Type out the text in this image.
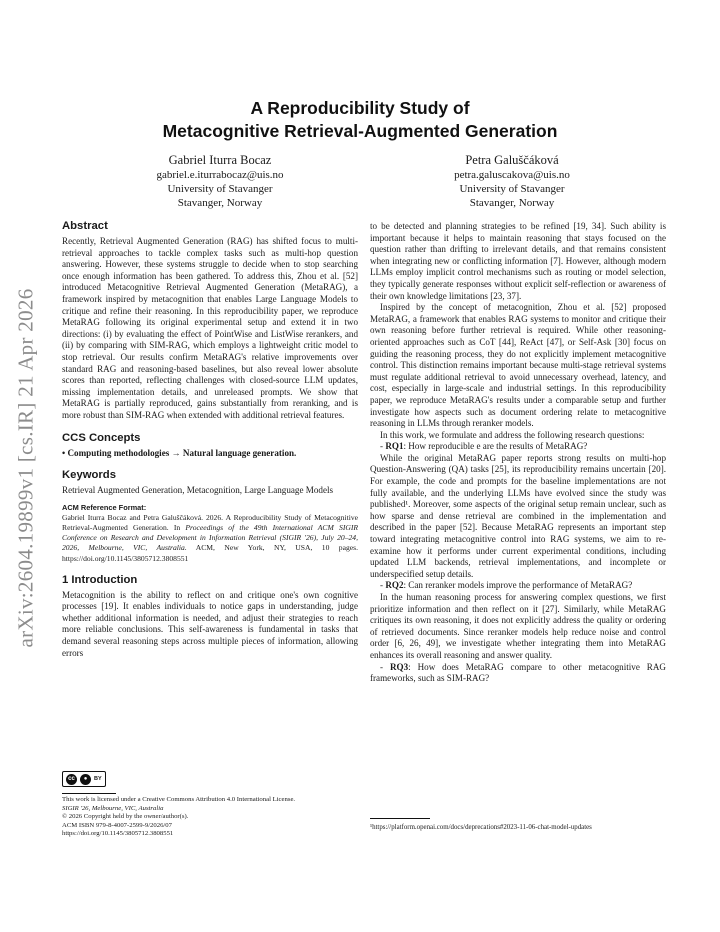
arXiv:2604.19899v1 [cs.IR] 21 Apr 2026
A Reproducibility Study of
Metacognitive Retrieval-Augmented Generation
Gabriel Iturra Bocaz
gabriel.e.iturrabocaz@uis.no
University of Stavanger
Stavanger, Norway
Petra Galuščáková
petra.galuscakova@uis.no
University of Stavanger
Stavanger, Norway
Abstract

Recently, Retrieval Augmented Generation (RAG) has shifted focus to multi-retrieval approaches to tackle complex tasks such as multi-hop question answering. However, these systems struggle to decide when to stop searching once enough information has been gathered. To address this, Zhou et al. [52] introduced Metacognitive Retrieval Augmented Generation (MetaRAG), a framework inspired by metacognition that enables Large Language Models to critique and refine their reasoning. In this reproducibility paper, we reproduce MetaRAG following its original experimental setup and extend it in two directions: (i) by evaluating the effect of PointWise and ListWise rerankers, and (ii) by comparing with SIM-RAG, which employs a lightweight critic model to stop retrieval. Our results confirm MetaRAG's relative improvements over standard RAG and reasoning-based baselines, but also reveal lower absolute scores than reported, reflecting challenges with closed-source LLM updates, missing implementation details, and unreleased prompts. We show that MetaRAG is partially reproduced, gains substantially from reranking, and is more robust than SIM-RAG when extended with additional retrieval features.

CCS Concepts

• Computing methodologies → Natural language generation.

Keywords

Retrieval Augmented Generation, Metacognition, Large Language Models

ACM Reference Format:
Gabriel Iturra Bocaz and Petra Galuščáková. 2026. A Reproducibility Study of Metacognitive Retrieval-Augmented Generation. In Proceedings of the 49th International ACM SIGIR Conference on Research and Development in Information Retrieval (SIGIR '26), July 20–24, 2026, Melbourne, VIC, Australia. ACM, New York, NY, USA, 10 pages. https://doi.org/10.1145/3805712.3808551
1 Introduction

Metacognition is the ability to reflect on and critique one's own cognitive processes [19]. It enables individuals to notice gaps in understanding, judge whether additional information is needed, and adjust their strategies to reach more reliable conclusions. This self-awareness is fundamental in tasks that demand several reasoning steps across multiple pieces of information, allowing errors

cc	●	BY
This work is licensed under a Creative Commons Attribution 4.0 International License.
SIGIR '26, Melbourne, VIC, Australia
© 2026 Copyright held by the owner/author(s).
ACM ISBN 979-8-4007-2599-9/2026/07
https://doi.org/10.1145/3805712.3808551

to be detected and planning strategies to be refined [19, 34]. Such ability is important because it helps to maintain reasoning that stays focused on the question rather than drifting to irrelevant details, and that remains consistent when integrating new or conflicting information [7]. However, although modern LLMs employ implicit control mechanisms such as routing or model selection, they typically generate responses without explicit self-reflection or awareness of their own knowledge limitations [23, 37].

Inspired by the concept of metacognition, Zhou et al. [52] proposed MetaRAG, a framework that enables RAG systems to monitor and critique their own reasoning before further retrieval is required. While other reasoning-oriented approaches such as CoT [44], ReAct [47], or Self-Ask [30] focus on guiding the reasoning process, they do not explicitly implement metacognitive control. This distinction remains important because multi-stage retrieval systems must regulate additional retrieval to avoid unnecessary overhead, latency, and cost, especially in large-scale and industrial settings. In this reproducibility paper, we reproduce MetaRAG's results under a comparable setup and further investigate how aspects such as document ordering relate to metacognitive reasoning in LLMs through reranker models.

In this work, we formulate and address the following research questions:

- RQ1: How reproducible e are the results of MetaRAG?

While the original MetaRAG paper reports strong results on multi-hop Question-Answering (QA) tasks [25], its reproducibility remains uncertain [20]. For example, the code and prompts for the baseline implementations are not fully available, and the underlying LLMs have evolved since the study was published¹. Moreover, some aspects of the original setup remain unclear, such as how sparse and dense retrieval are combined in the implementation and described in the paper [52]. Because MetaRAG represents an important step toward integrating metacognitive control into RAG systems, we aim to re-examine how it performs under current experimental conditions, including updated LLM backends, retrieval implementations, and incomplete or underspecified setup details.

- RQ2: Can reranker models improve the performance of MetaRAG?

In the human reasoning process for answering complex questions, we first prioritize information and then reflect on it [27]. Similarly, while MetaRAG critiques its own reasoning, it does not explicitly address the quality or ordering of retrieved documents. Since reranker models help reduce noise and control order [6, 26, 49], we investigate whether integrating them into MetaRAG enhances its overall reasoning and answer quality.

- RQ3: How does MetaRAG compare to other metacognitive RAG frameworks, such as SIM-RAG?

¹https://platform.openai.com/docs/deprecations#2023-11-06-chat-model-updates
